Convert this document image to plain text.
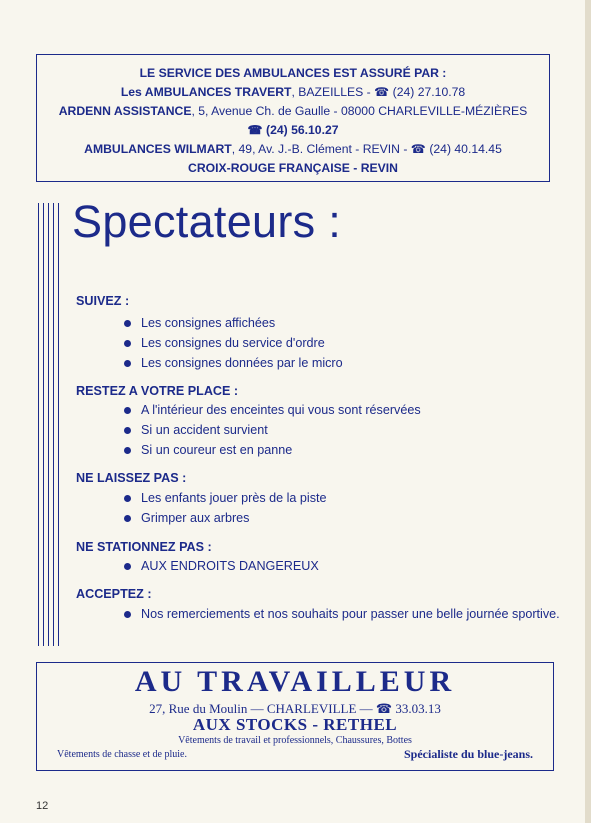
LE SERVICE DES AMBULANCES EST ASSURÉ PAR :
Les AMBULANCES TRAVERT, BAZEILLES - ☎ (24) 27.10.78
ARDENN ASSISTANCE, 5, Avenue Ch. de Gaulle - 08000 CHARLEVILLE-MÉZIÈRES
☎ (24) 56.10.27
AMBULANCES WILMART, 49, Av. J.-B. Clément - REVIN - ☎ (24) 40.14.45
CROIX-ROUGE FRANÇAISE - REVIN
Spectateurs :
SUIVEZ :
Les consignes affichées
Les consignes du service d'ordre
Les consignes données par le micro
RESTEZ A VOTRE PLACE :
A l'intérieur des enceintes qui vous sont réservées
Si un accident survient
Si un coureur est en panne
NE LAISSEZ PAS :
Les enfants jouer près de la piste
Grimper aux arbres
NE STATIONNEZ PAS :
AUX ENDROITS DANGEREUX
ACCEPTEZ :
Nos remerciements et nos souhaits pour passer une belle journée sportive.
AU TRAVAILLEUR
27, Rue du Moulin — CHARLEVILLE — ☎ 33.03.13
AUX STOCKS - RETHEL
Vêtements de travail et professionnels, Chaussures, Bottes
Vêtements de chasse et de pluie.	Spécialiste du blue-jeans.
12
